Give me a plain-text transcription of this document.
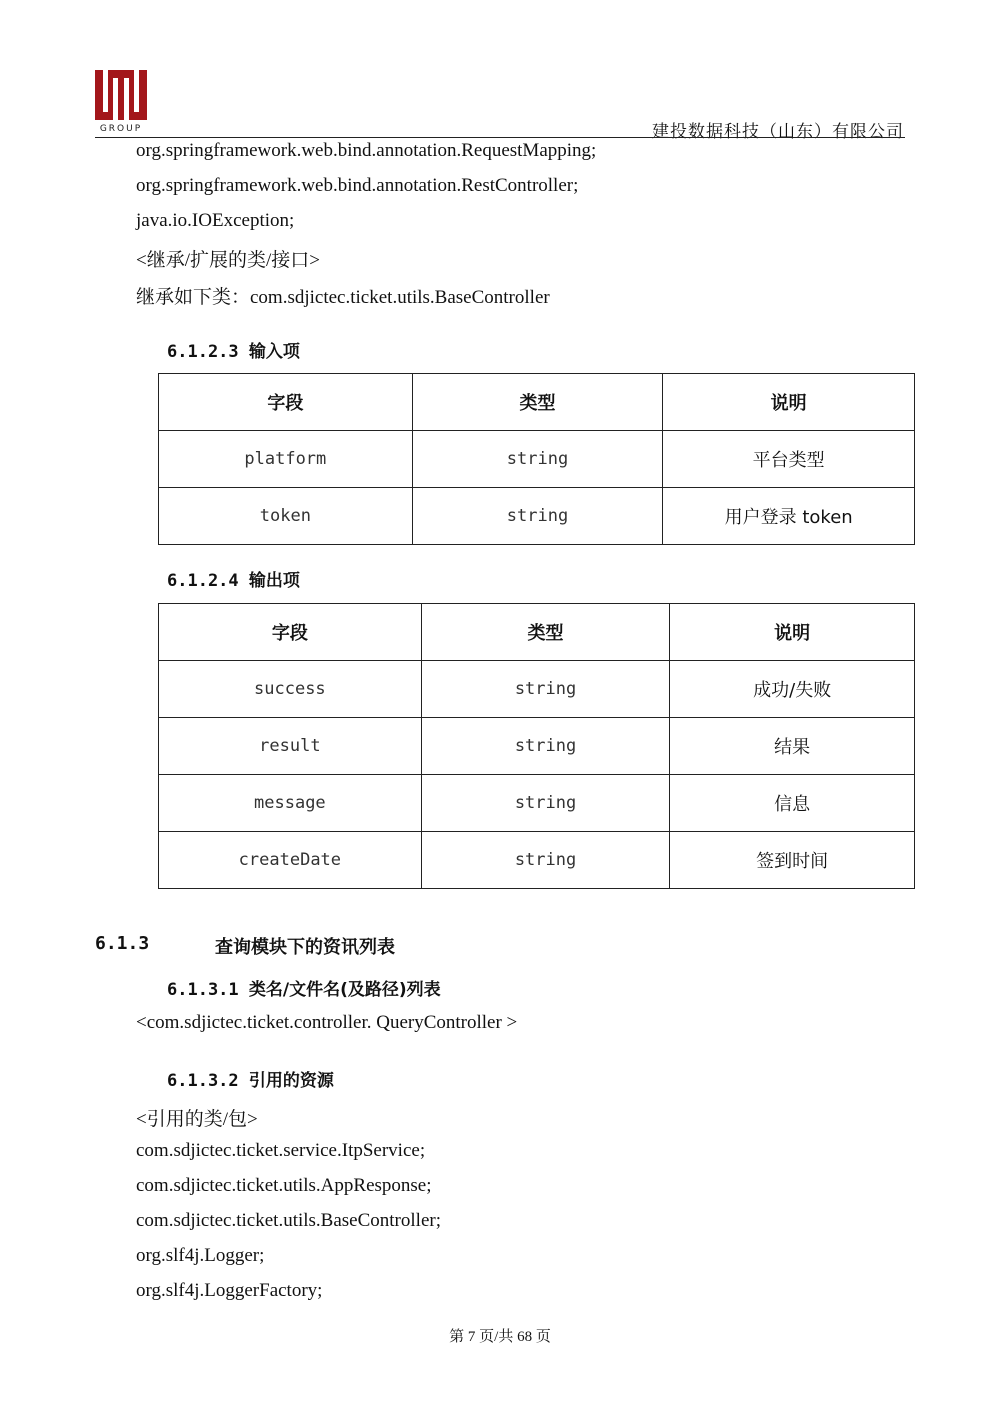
GROUP	建投数据科技（山东）有限公司
org.springframework.web.bind.annotation.RequestMapping;
org.springframework.web.bind.annotation.RestController;
java.io.IOException;
<继承/扩展的类/接口>
继承如下类：com.sdjictec.ticket.utils.BaseController
6.1.2.3 输入项
字段	类型	说明
platform	string	平台类型
token	string	用户登录 token
6.1.2.4 输出项
字段	类型	说明
success	string	成功/失败
result	string	结果
message	string	信息
createDate	string	签到时间
6.1.3	查询模块下的资讯列表
6.1.3.1 类名/文件名(及路径)列表
<com.sdjictec.ticket.controller. QueryController >
6.1.3.2 引用的资源
<引用的类/包>
com.sdjictec.ticket.service.ItpService;
com.sdjictec.ticket.utils.AppResponse;
com.sdjictec.ticket.utils.BaseController;
org.slf4j.Logger;
org.slf4j.LoggerFactory;
第 7 页/共 68 页
